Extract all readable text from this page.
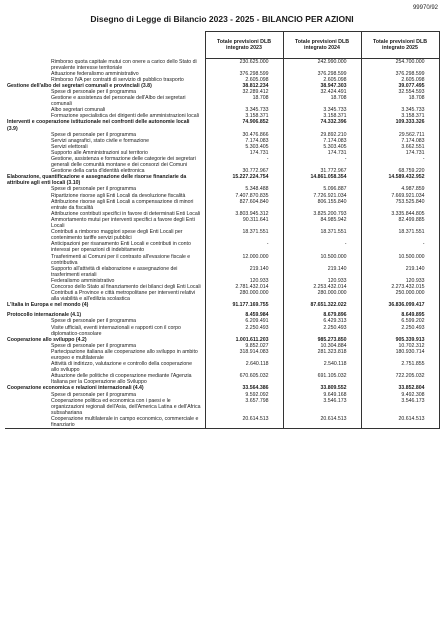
99970/92
Disegno di Legge di Bilancio 2023 - 2025 - BILANCIO PER AZIONI
	Totale previsioni DLB integrato 2023	Totale previsioni DLB integrato 2024	Totale previsioni DLB integrato 2025
Rimborso quota capitale mutui con onere a carico dello Stato di prevalente interesse territoriale	230.625.000	242.990.000	254.700.000
Attuazione federalismo amministrativo	376.298.599	376.298.599	376.298.599
Rimborso IVA per contratti di servizio di pubblico trasporto	2.605.098	2.605.098	2.605.098
Gestione dell'albo dei segretari comunali e provinciali (3.8)	38.812.234	38.947.303	39.077.495
Spese di personale per il programma	32.289.412	32.424.491	32.554.593
Gestione e assistenza del personale dell'Albo dei segretari comunali	18.708	18.708	18.708
Albo segretari comunali	3.345.733	3.345.733	3.345.733
Formazione specialistica dei dirigenti delle amministrazioni locali	3.158.371	3.158.371	3.158.371
Interventi e cooperazione istituzionale nei confronti delle autonomie locali (3.9)	74.906.852	74.332.396	109.333.326
Spese di personale per il programma	30.476.866	29.892.210	29.562.711
Servizi anagrafici, stato civile e formazione	7.174.083	7.174.083	7.174.083
Servizi elettorali	5.303.405	5.303.405	3.662.551
Supporto alle Amministrazioni sul territorio	174.731	174.731	174.731
Gestione, assistenza e formazione delle categorie dei segretari generali delle comunità montane e dei consorzi dei Comuni	-	-	-
Gestione della carta d'identità elettronica	30.772.967	31.772.967	68.759.220
Elaborazione, quantificazione e assegnazione delle risorse finanziarie da attribuire agli enti locali (3.10)	15.227.224.754	14.861.058.354	14.589.432.952
Spese di personale per il programma	5.348.488	5.096.887	4.987.859
Ripartizione risorse agli Enti Locali da devoluzione fiscalità	7.407.870.835	7.726.921.034	7.669.921.034
Attribuzione risorse agli Enti Locali a compensazione di minori entrate da fiscalità	827.604.840	806.155.840	753.525.840
Attribuzione contributi specifici in favore di determinati Enti Locali	3.803.945.312	3.825.200.793	3.335.844.805
Ammortamento mutui per interventi specifici a favore degli Enti Locali	90.311.641	84.985.942	82.499.885
Contributi a rimborso maggiori spese degli Enti Locali per contenimento tariffe servizi pubblici	18.371.551	18.371.551	18.371.551
Anticipazioni per risanamento Enti Locali e contributi in conto interessi per operazioni di indebitamento	-	-	-
Trasferimenti ai Comuni per il contrasto all'evasione fiscale e contributiva	12.000.000	10.500.000	10.500.000
Supporto all'attività di elaborazione e assegnazione dei trasferimenti erariali	219.140	219.140	219.140
Federalismo amministrativo	120.933	120.933	120.933
Concorso dello Stato al finanziamento dei bilanci degli Enti Locali	2.781.432.014	2.253.432.014	2.273.432.015
Contributi a Province e città metropolitane per interventi relativi alla viabilità e all'edilizia scolastica	280.000.000	280.000.000	250.000.000
L'Italia in Europa e nel mondo (4)	91.177.169.755	87.651.322.022	36.836.099.417
Protocollo internazionale (4.1)	8.459.984	8.679.896	8.649.895
Spese di personale per il programma	6.209.491	6.429.313	6.599.202
Visite ufficiali, eventi internazionali e rapporti con il corpo diplomatico-consolare	2.250.493	2.250.493	2.250.493
Cooperazione allo sviluppo (4.2)	1.001.611.203	985.273.850	905.339.913
Spese di personale per il programma	9.852.027	10.304.884	10.702.312
Partecipazione italiana alle cooperazione allo sviluppo in ambito europeo e multilaterale	318.914.083	281.323.818	180.930.714
Attività di indirizzo, valutazione e controllo della cooperazione allo sviluppo	2.640.118	2.540.118	2.751.855
Attuazione delle politiche di cooperazione mediante l'Agenzia Italiana per la Cooperazione allo Sviluppo	670.605.032	691.105.032	722.205.032
Cooperazione economica e relazioni internazionali (4.4)	33.564.386	33.809.552	33.852.804
Spese di personale per il programma	9.592.092	9.649.168	9.492.308
Cooperazione politica ed economica con i paesi e le organizzazioni regionali dell'Asia, dell'America Latina e dell'Africa subsahariana	3.657.798	3.546.173	3.546.173
Cooperazione multilaterale in campo economico, commerciale e finanziario	20.614.513	20.614.513	20.614.513
